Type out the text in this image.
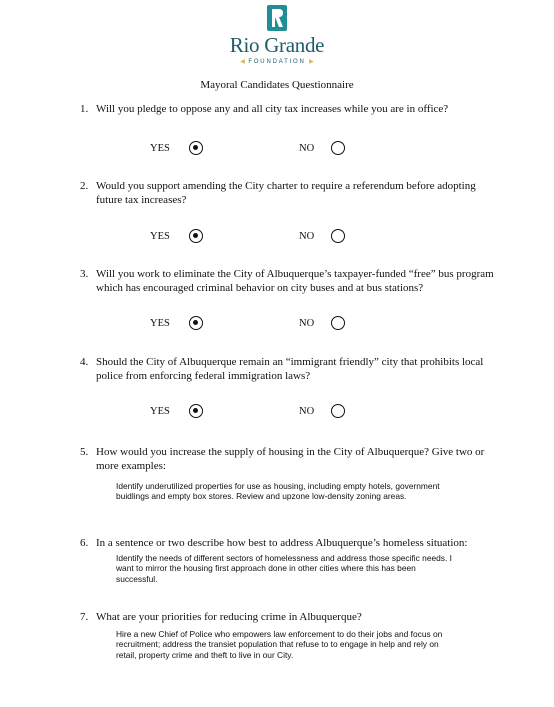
Rio Grande
◀ FOUNDATION ▶
Mayoral Candidates Questionnaire
1. Will you pledge to oppose any and all city tax increases while you are in office?
YES	NO
2. Would you support amending the City charter to require a referendum before adopting future tax increases?
YES	NO
3. Will you work to eliminate the City of Albuquerque’s taxpayer-funded “free” bus program which has encouraged criminal behavior on city buses and at bus stations?
YES	NO
4. Should the City of Albuquerque remain an “immigrant friendly” city that prohibits local police from enforcing federal immigration laws?
YES	NO
5. How would you increase the supply of housing in the City of Albuquerque? Give two or more examples:
Identify underutilized properties for use as housing, including empty hotels, government buidlings and empty box stores. Review and upzone low-density zoning areas.
6. In a sentence or two describe how best to address Albuquerque’s homeless situation:
Identify the needs of different sectors of homelessness and address those specific needs. I want to mirror the housing first approach done in other cities where this has been successful.
7. What are your priorities for reducing crime in Albuquerque?
Hire a new Chief of Police who empowers law enforcement to do their jobs and focus on recruitment; address the transiet population that refuse to to engage in help and rely on retail, property crime and theft to live in our City.
